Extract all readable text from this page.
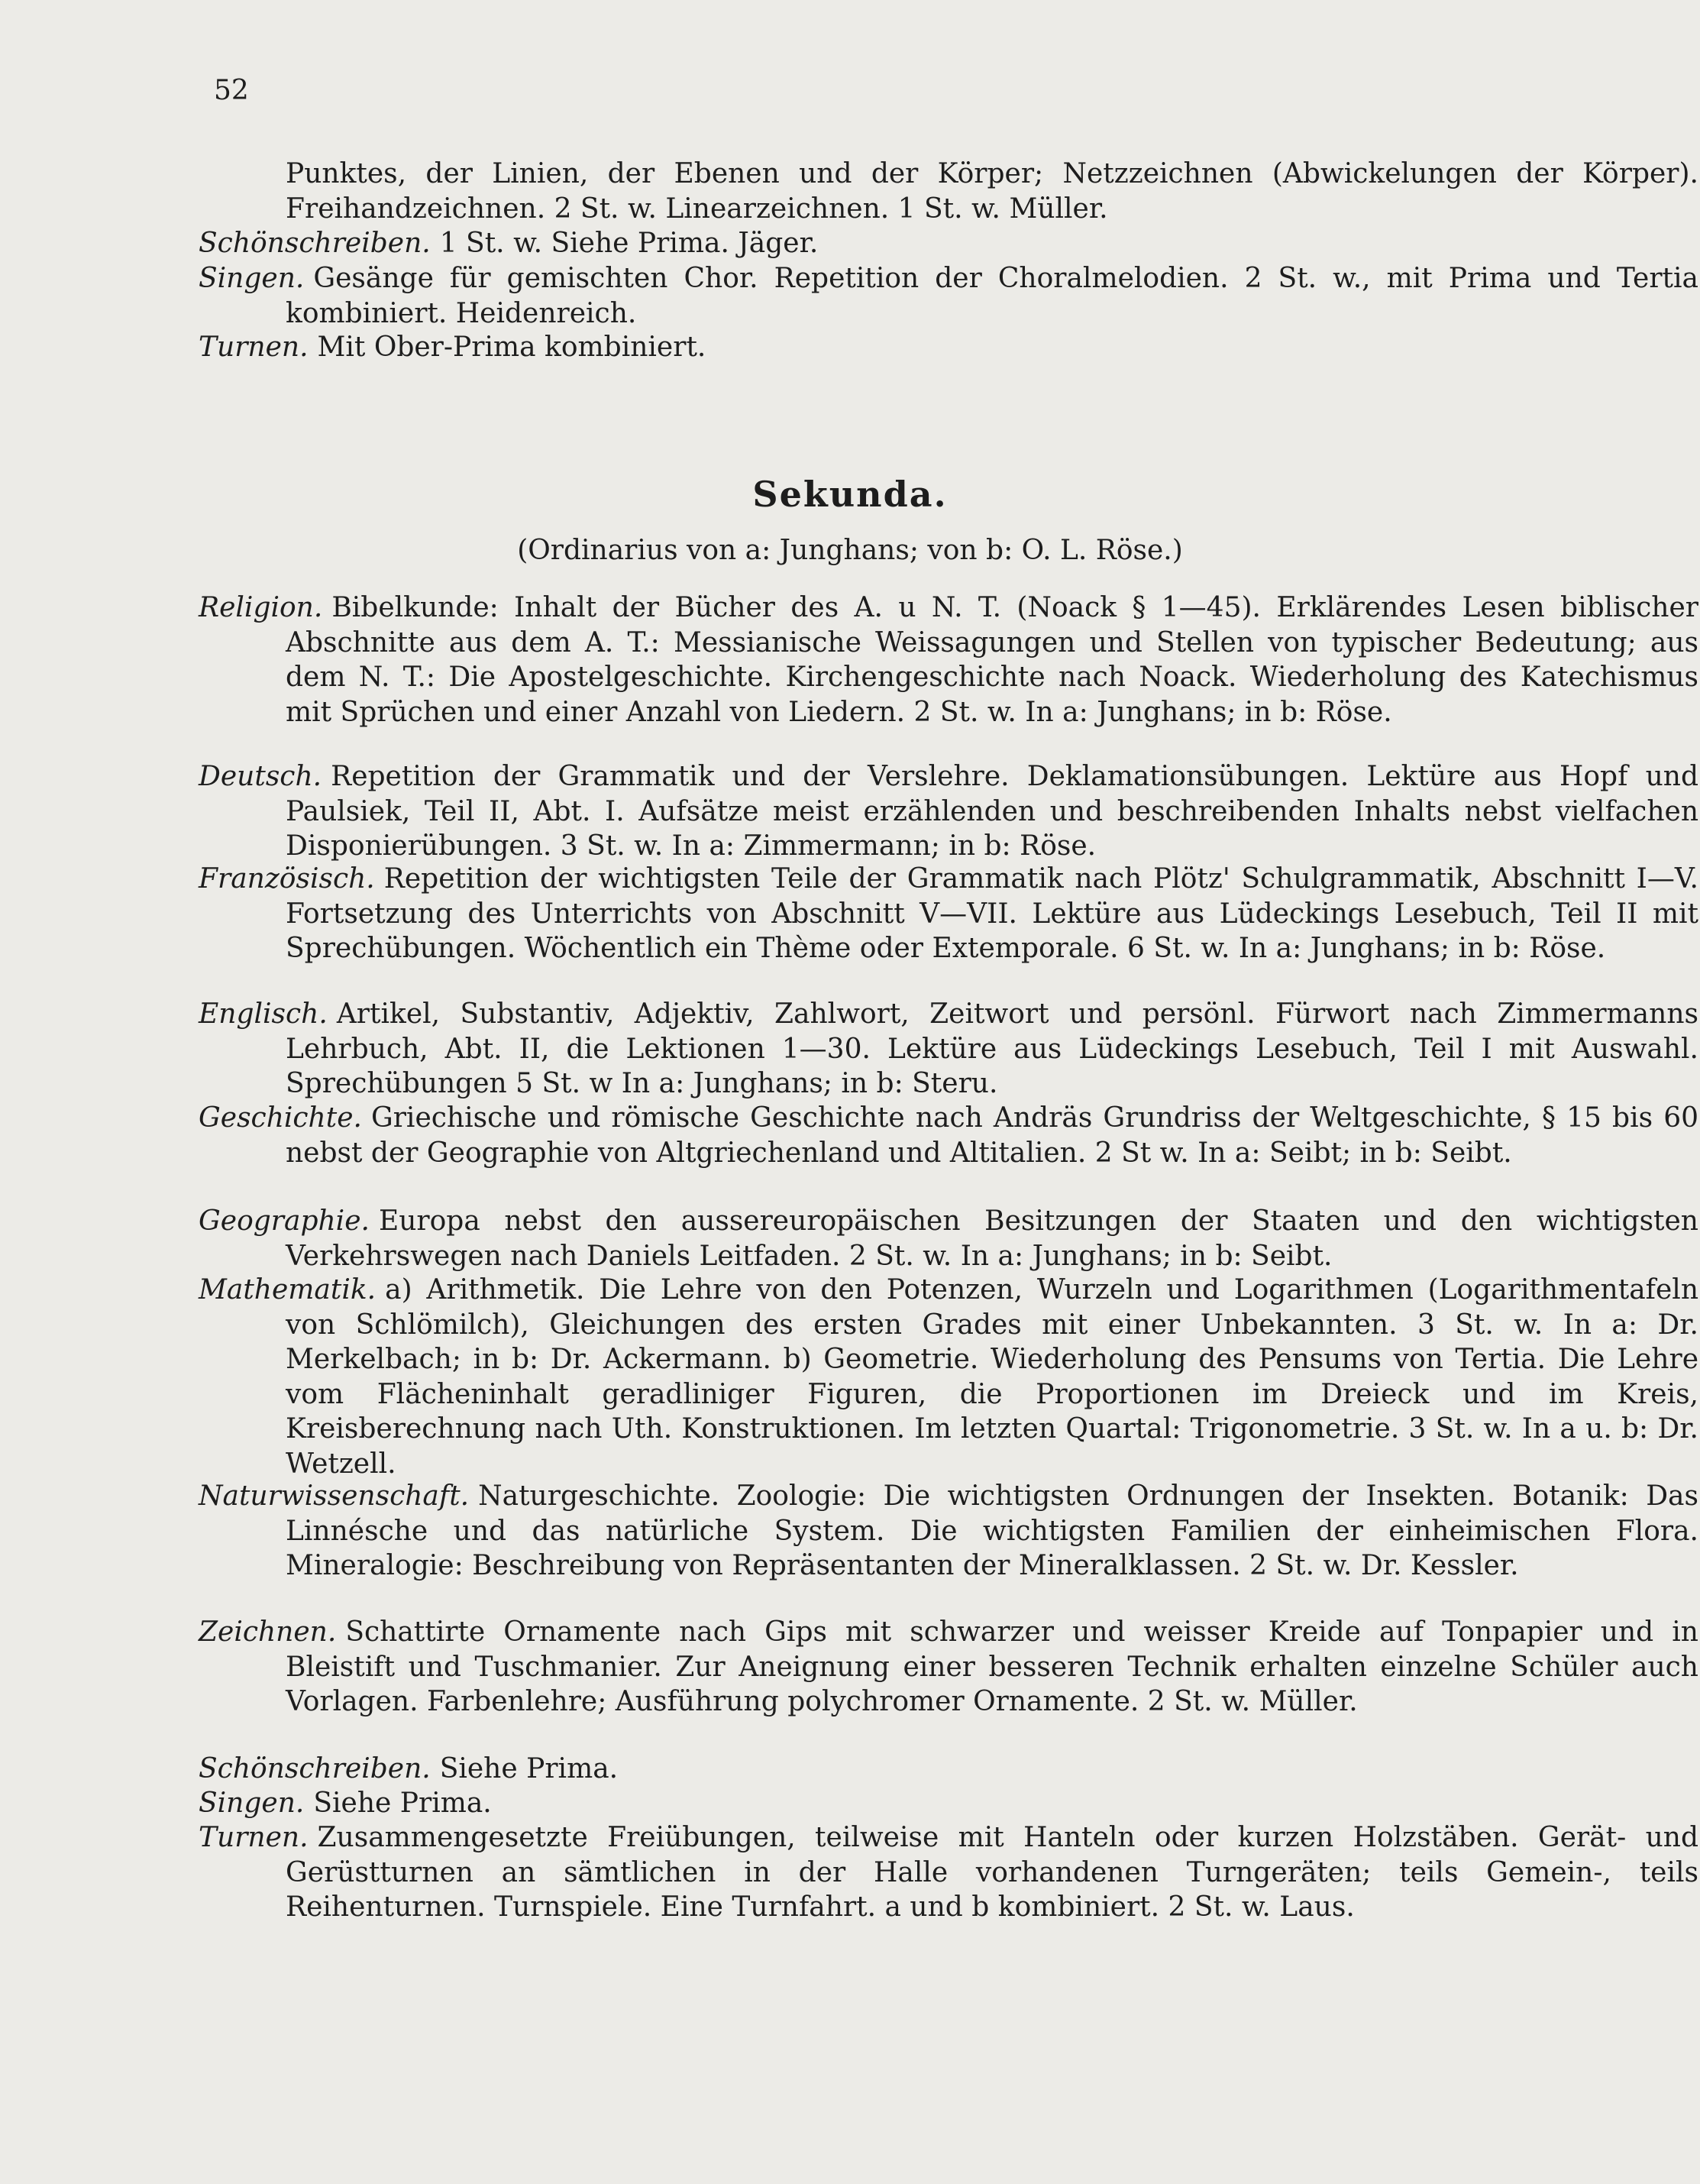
52
Punktes, der Linien, der Ebenen und der Körper; Netzzeichnen (Abwickelungen der Körper). Freihandzeichnen. 2 St. w. Linearzeichnen. 1 St. w. Müller.
Schönschreiben. 1 St. w. Siehe Prima. Jäger.
Singen. Gesänge für gemischten Chor. Repetition der Choralmelodien. 2 St. w., mit Prima und Tertia kombiniert. Heidenreich.
Turnen. Mit Ober-Prima kombiniert.
Sekunda.
(Ordinarius von a: Junghans; von b: O. L. Röse.)
Religion. Bibelkunde: Inhalt der Bücher des A. u N. T. (Noack § 1—45). Erklärendes Lesen biblischer Abschnitte aus dem A. T.: Messianische Weissagungen und Stellen von typischer Bedeutung; aus dem N. T.: Die Apostelgeschichte. Kirchengeschichte nach Noack. Wiederholung des Katechismus mit Sprüchen und einer Anzahl von Liedern. 2 St. w. In a: Junghans; in b: Röse.
Deutsch. Repetition der Grammatik und der Verslehre. Deklamationsübungen. Lektüre aus Hopf und Paulsiek, Teil II, Abt. I. Aufsätze meist erzählenden und beschreibenden Inhalts nebst vielfachen Disponierübungen. 3 St. w. In a: Zimmermann; in b: Röse.
Französisch. Repetition der wichtigsten Teile der Grammatik nach Plötz' Schulgrammatik, Abschnitt I—V. Fortsetzung des Unterrichts von Abschnitt V—VII. Lektüre aus Lüdeckings Lesebuch, Teil II mit Sprechübungen. Wöchentlich ein Thème oder Extemporale. 6 St. w. In a: Junghans; in b: Röse.
Englisch. Artikel, Substantiv, Adjektiv, Zahlwort, Zeitwort und persönl. Fürwort nach Zimmermanns Lehrbuch, Abt. II, die Lektionen 1—30. Lektüre aus Lüdeckings Lesebuch, Teil I mit Auswahl. Sprechübungen 5 St. w In a: Junghans; in b: Steru.
Geschichte. Griechische und römische Geschichte nach Andräs Grundriss der Weltgeschichte, § 15 bis 60 nebst der Geographie von Altgriechenland und Altitalien. 2 St w. In a: Seibt; in b: Seibt.
Geographie. Europa nebst den aussereuropäischen Besitzungen der Staaten und den wichtigsten Verkehrswegen nach Daniels Leitfaden. 2 St. w. In a: Junghans; in b: Seibt.
Mathematik. a) Arithmetik. Die Lehre von den Potenzen, Wurzeln und Logarithmen (Logarithmentafeln von Schlömilch), Gleichungen des ersten Grades mit einer Unbekannten. 3 St. w. In a: Dr. Merkelbach; in b: Dr. Ackermann. b) Geometrie. Wiederholung des Pensums von Tertia. Die Lehre vom Flächeninhalt geradliniger Figuren, die Proportionen im Dreieck und im Kreis, Kreisberechnung nach Uth. Konstruktionen. Im letzten Quartal: Trigonometrie. 3 St. w. In a u. b: Dr. Wetzell.
Naturwissenschaft. Naturgeschichte. Zoologie: Die wichtigsten Ordnungen der Insekten. Botanik: Das Linnésche und das natürliche System. Die wichtigsten Familien der einheimischen Flora. Mineralogie: Beschreibung von Repräsentanten der Mineralklassen. 2 St. w. Dr. Kessler.
Zeichnen. Schattirte Ornamente nach Gips mit schwarzer und weisser Kreide auf Tonpapier und in Bleistift und Tuschmanier. Zur Aneignung einer besseren Technik erhalten einzelne Schüler auch Vorlagen. Farbenlehre; Ausführung polychromer Ornamente. 2 St. w. Müller.
Schönschreiben. Siehe Prima.
Singen. Siehe Prima.
Turnen. Zusammengesetzte Freiübungen, teilweise mit Hanteln oder kurzen Holzstäben. Gerät- und Gerüstturnen an sämtlichen in der Halle vorhandenen Turngeräten; teils Gemein-, teils Reihenturnen. Turnspiele. Eine Turnfahrt. a und b kombiniert. 2 St. w. Laus.
